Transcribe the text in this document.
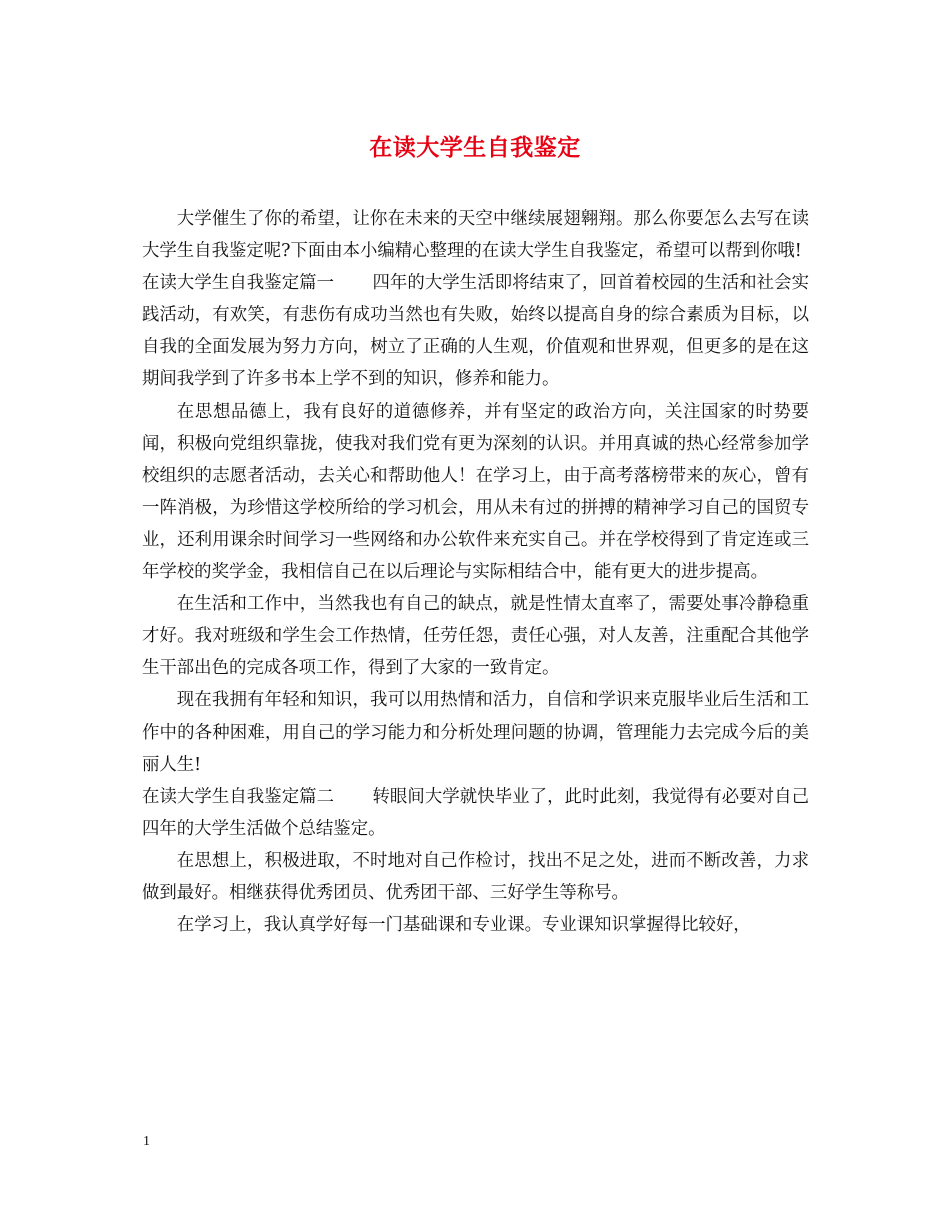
在读大学生自我鉴定

大学催生了你的希望，让你在未来的天空中继续展翅翱翔。那么你要怎么去写在读大学生自我鉴定呢?下面由本小编精心整理的在读大学生自我鉴定，希望可以帮到你哦!

在读大学生自我鉴定篇一 四年的大学生活即将结束了，回首着校园的生活和社会实践活动，有欢笑，有悲伤有成功当然也有失败，始终以提高自身的综合素质为目标，以自我的全面发展为努力方向，树立了正确的人生观，价值观和世界观，但更多的是在这期间我学到了许多书本上学不到的知识，修养和能力。

在思想品德上，我有良好的道德修养，并有坚定的政治方向，关注国家的时势要闻，积极向党组织靠拢，使我对我们党有更为深刻的认识。并用真诚的热心经常参加学校组织的志愿者活动，去关心和帮助他人！在学习上，由于高考落榜带来的灰心，曾有一阵消极，为珍惜这学校所给的学习机会，用从未有过的拼搏的精神学习自己的国贸专业，还利用课余时间学习一些网络和办公软件来充实自己。并在学校得到了肯定连或三年学校的奖学金，我相信自己在以后理论与实际相结合中，能有更大的进步提高。

在生活和工作中，当然我也有自己的缺点，就是性情太直率了，需要处事冷静稳重才好。我对班级和学生会工作热情，任劳任怨，责任心强，对人友善，注重配合其他学生干部出色的完成各项工作，得到了大家的一致肯定。

现在我拥有年轻和知识，我可以用热情和活力，自信和学识来克服毕业后生活和工作中的各种困难，用自己的学习能力和分析处理问题的协调，管理能力去完成今后的美丽人生!

在读大学生自我鉴定篇二 转眼间大学就快毕业了，此时此刻，我觉得有必要对自己四年的大学生活做个总结鉴定。

在思想上，积极进取，不时地对自己作检讨，找出不足之处，进而不断改善，力求做到最好。相继获得优秀团员、优秀团干部、三好学生等称号。

在学习上，我认真学好每一门基础课和专业课。专业课知识掌握得比较好，

1
